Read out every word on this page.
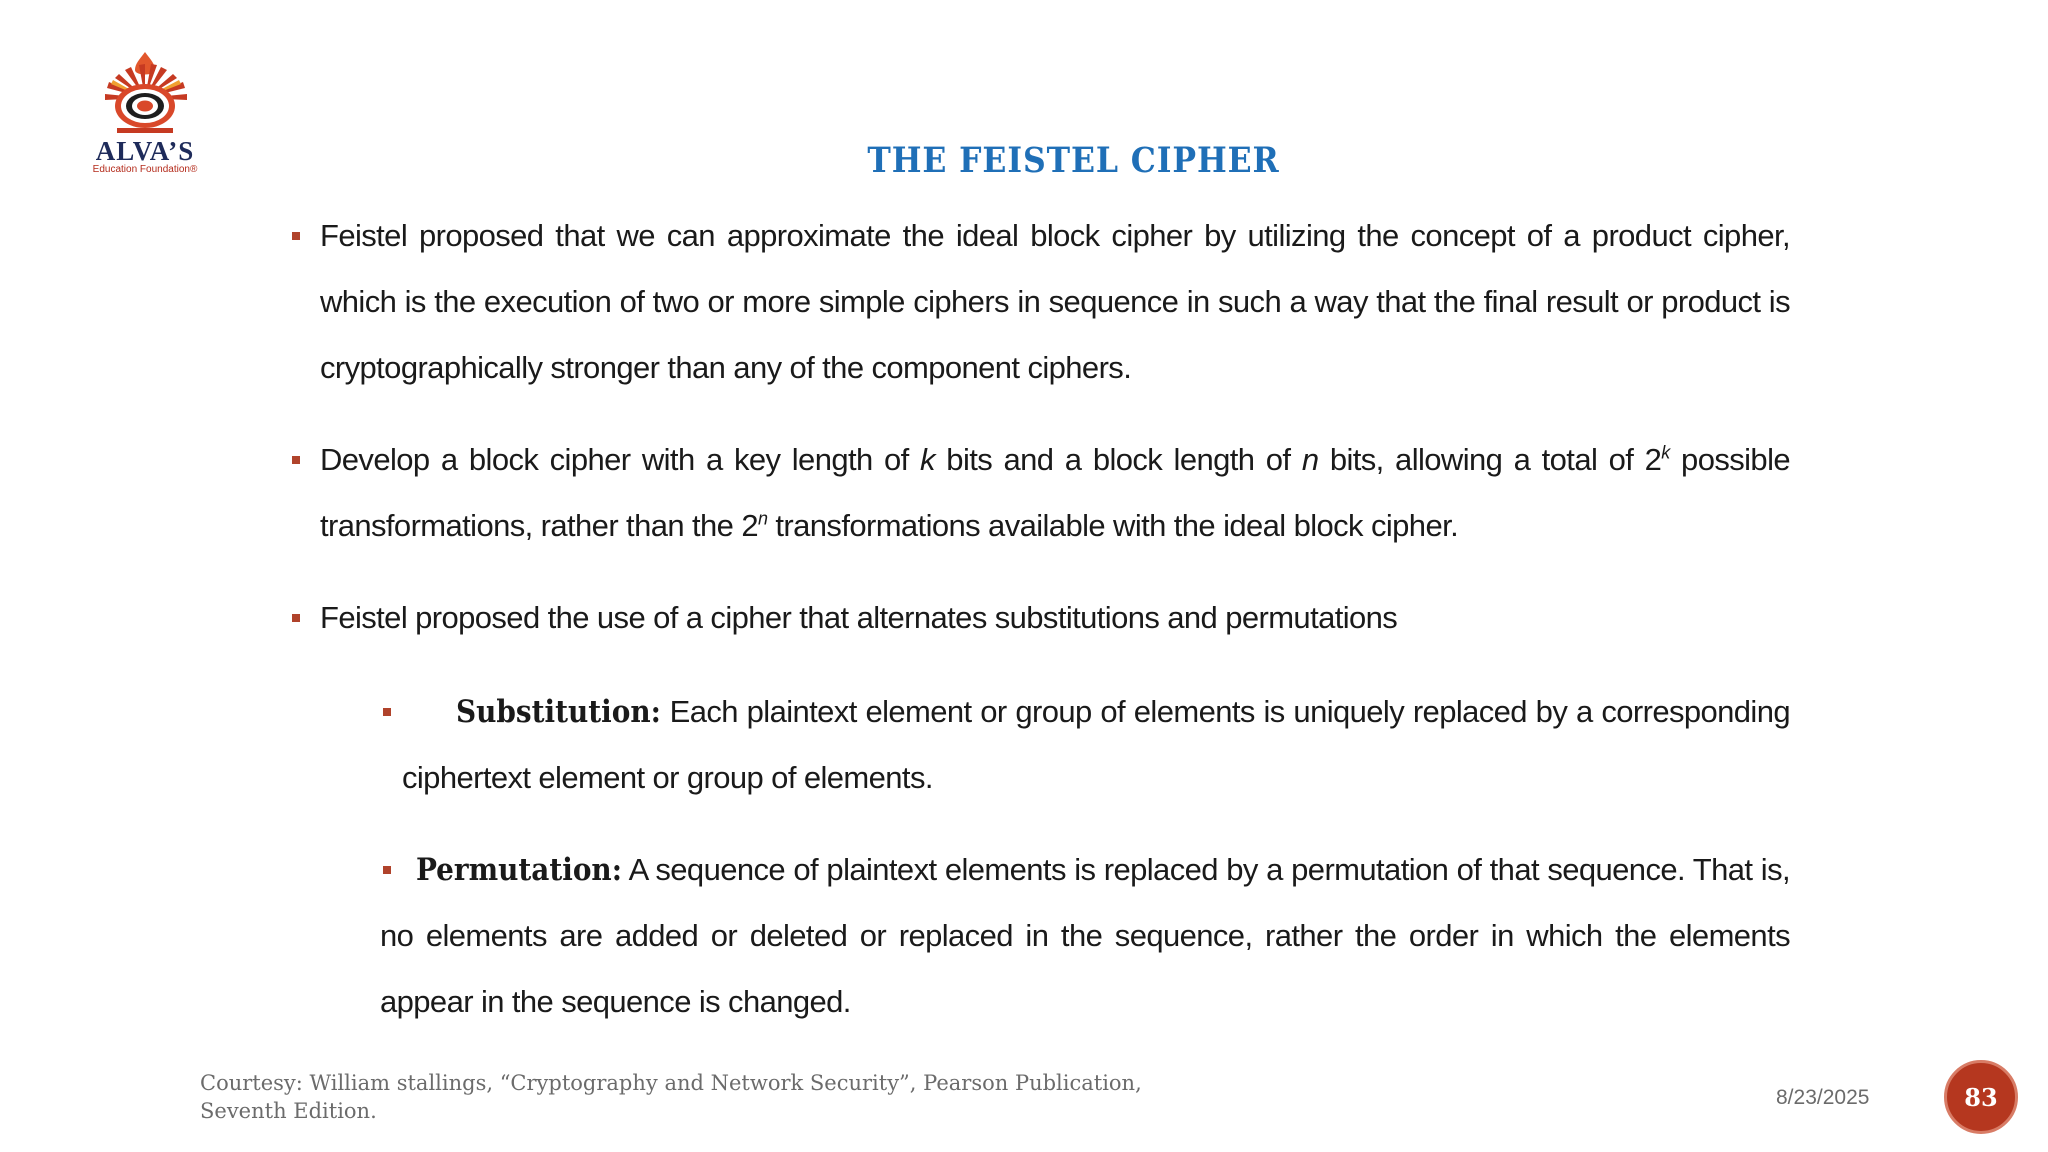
ALVA’S
Education Foundation®	THE FEISTEL CIPHER
Feistel proposed that we can approximate the ideal block cipher by utilizing the concept of a product cipher, which is the execution of two or more simple ciphers in sequence in such a way that the final result or product is cryptographically stronger than any of the component ciphers.
Develop a block cipher with a key length of k bits and a block length of n bits, allowing a total of 2$^k$ possible transformations, rather than the 2$^n$ transformations available with the ideal block cipher.
Feistel proposed the use of a cipher that alternates substitutions and permutations
Substitution: Each plaintext element or group of elements is uniquely replaced by a corresponding ciphertext element or group of elements.
Permutation: A sequence of plaintext elements is replaced by a permutation of that sequence. That is, no elements are added or deleted or replaced in the sequence, rather the order in which the elements appear in the sequence is changed.
Courtesy: William stallings, “Cryptography and Network Security”, Pearson Publication, Seventh Edition.
8/23/2025	83
